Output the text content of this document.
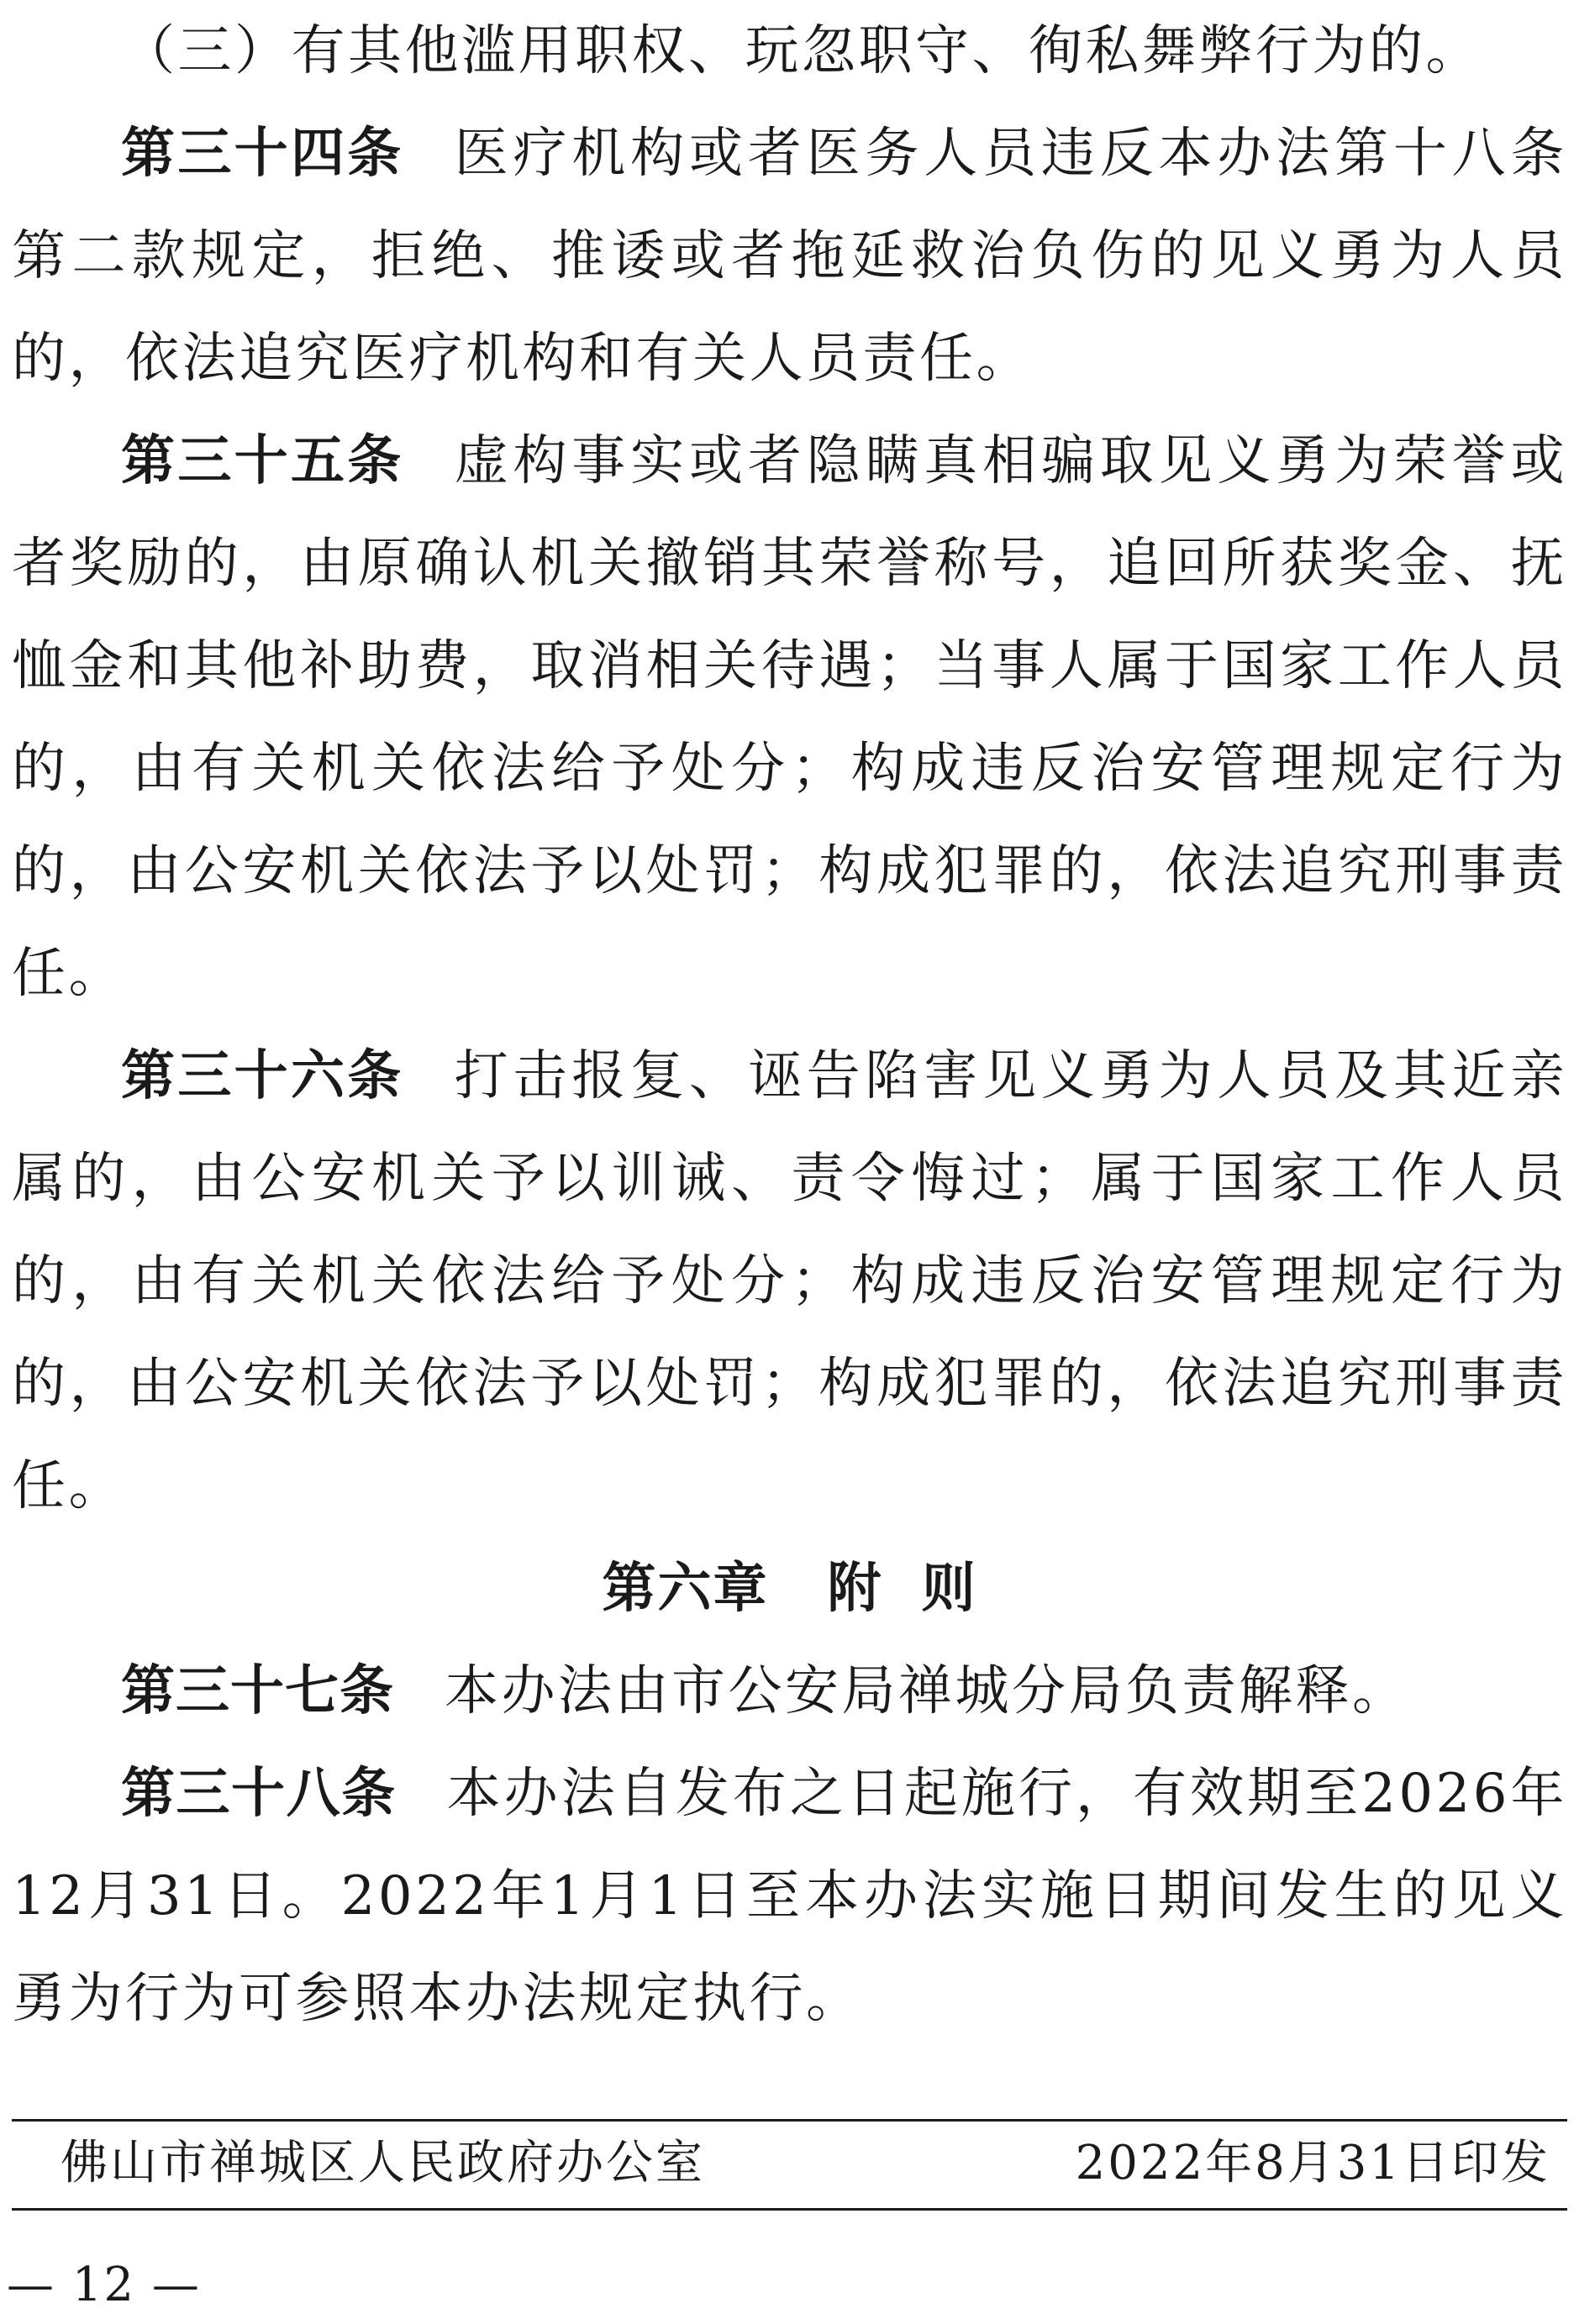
（三）有其他滥用职权、玩忽职守、徇私舞弊行为的。

第三十四条 医疗机构或者医务人员违反本办法第十八条第二款规定，拒绝、推诿或者拖延救治负伤的见义勇为人员的，依法追究医疗机构和有关人员责任。

第三十五条 虚构事实或者隐瞒真相骗取见义勇为荣誉或者奖励的，由原确认机关撤销其荣誉称号，追回所获奖金、抚恤金和其他补助费，取消相关待遇；当事人属于国家工作人员的，由有关机关依法给予处分；构成违反治安管理规定行为的，由公安机关依法予以处罚；构成犯罪的，依法追究刑事责任。

第三十六条 打击报复、诬告陷害见义勇为人员及其近亲属的，由公安机关予以训诫、责令悔过；属于国家工作人员的，由有关机关依法给予处分；构成违反治安管理规定行为的，由公安机关依法予以处罚；构成犯罪的，依法追究刑事责任。

第六章 附 则

第三十七条 本办法由市公安局禅城分局负责解释。

第三十八条 本办法自发布之日起施行，有效期至2026年12月31日。2022年1月1日至本办法实施日期间发生的见义勇为行为可参照本办法规定执行。

佛山市禅城区人民政府办公室	2022年8月31日印发
— 12 —
